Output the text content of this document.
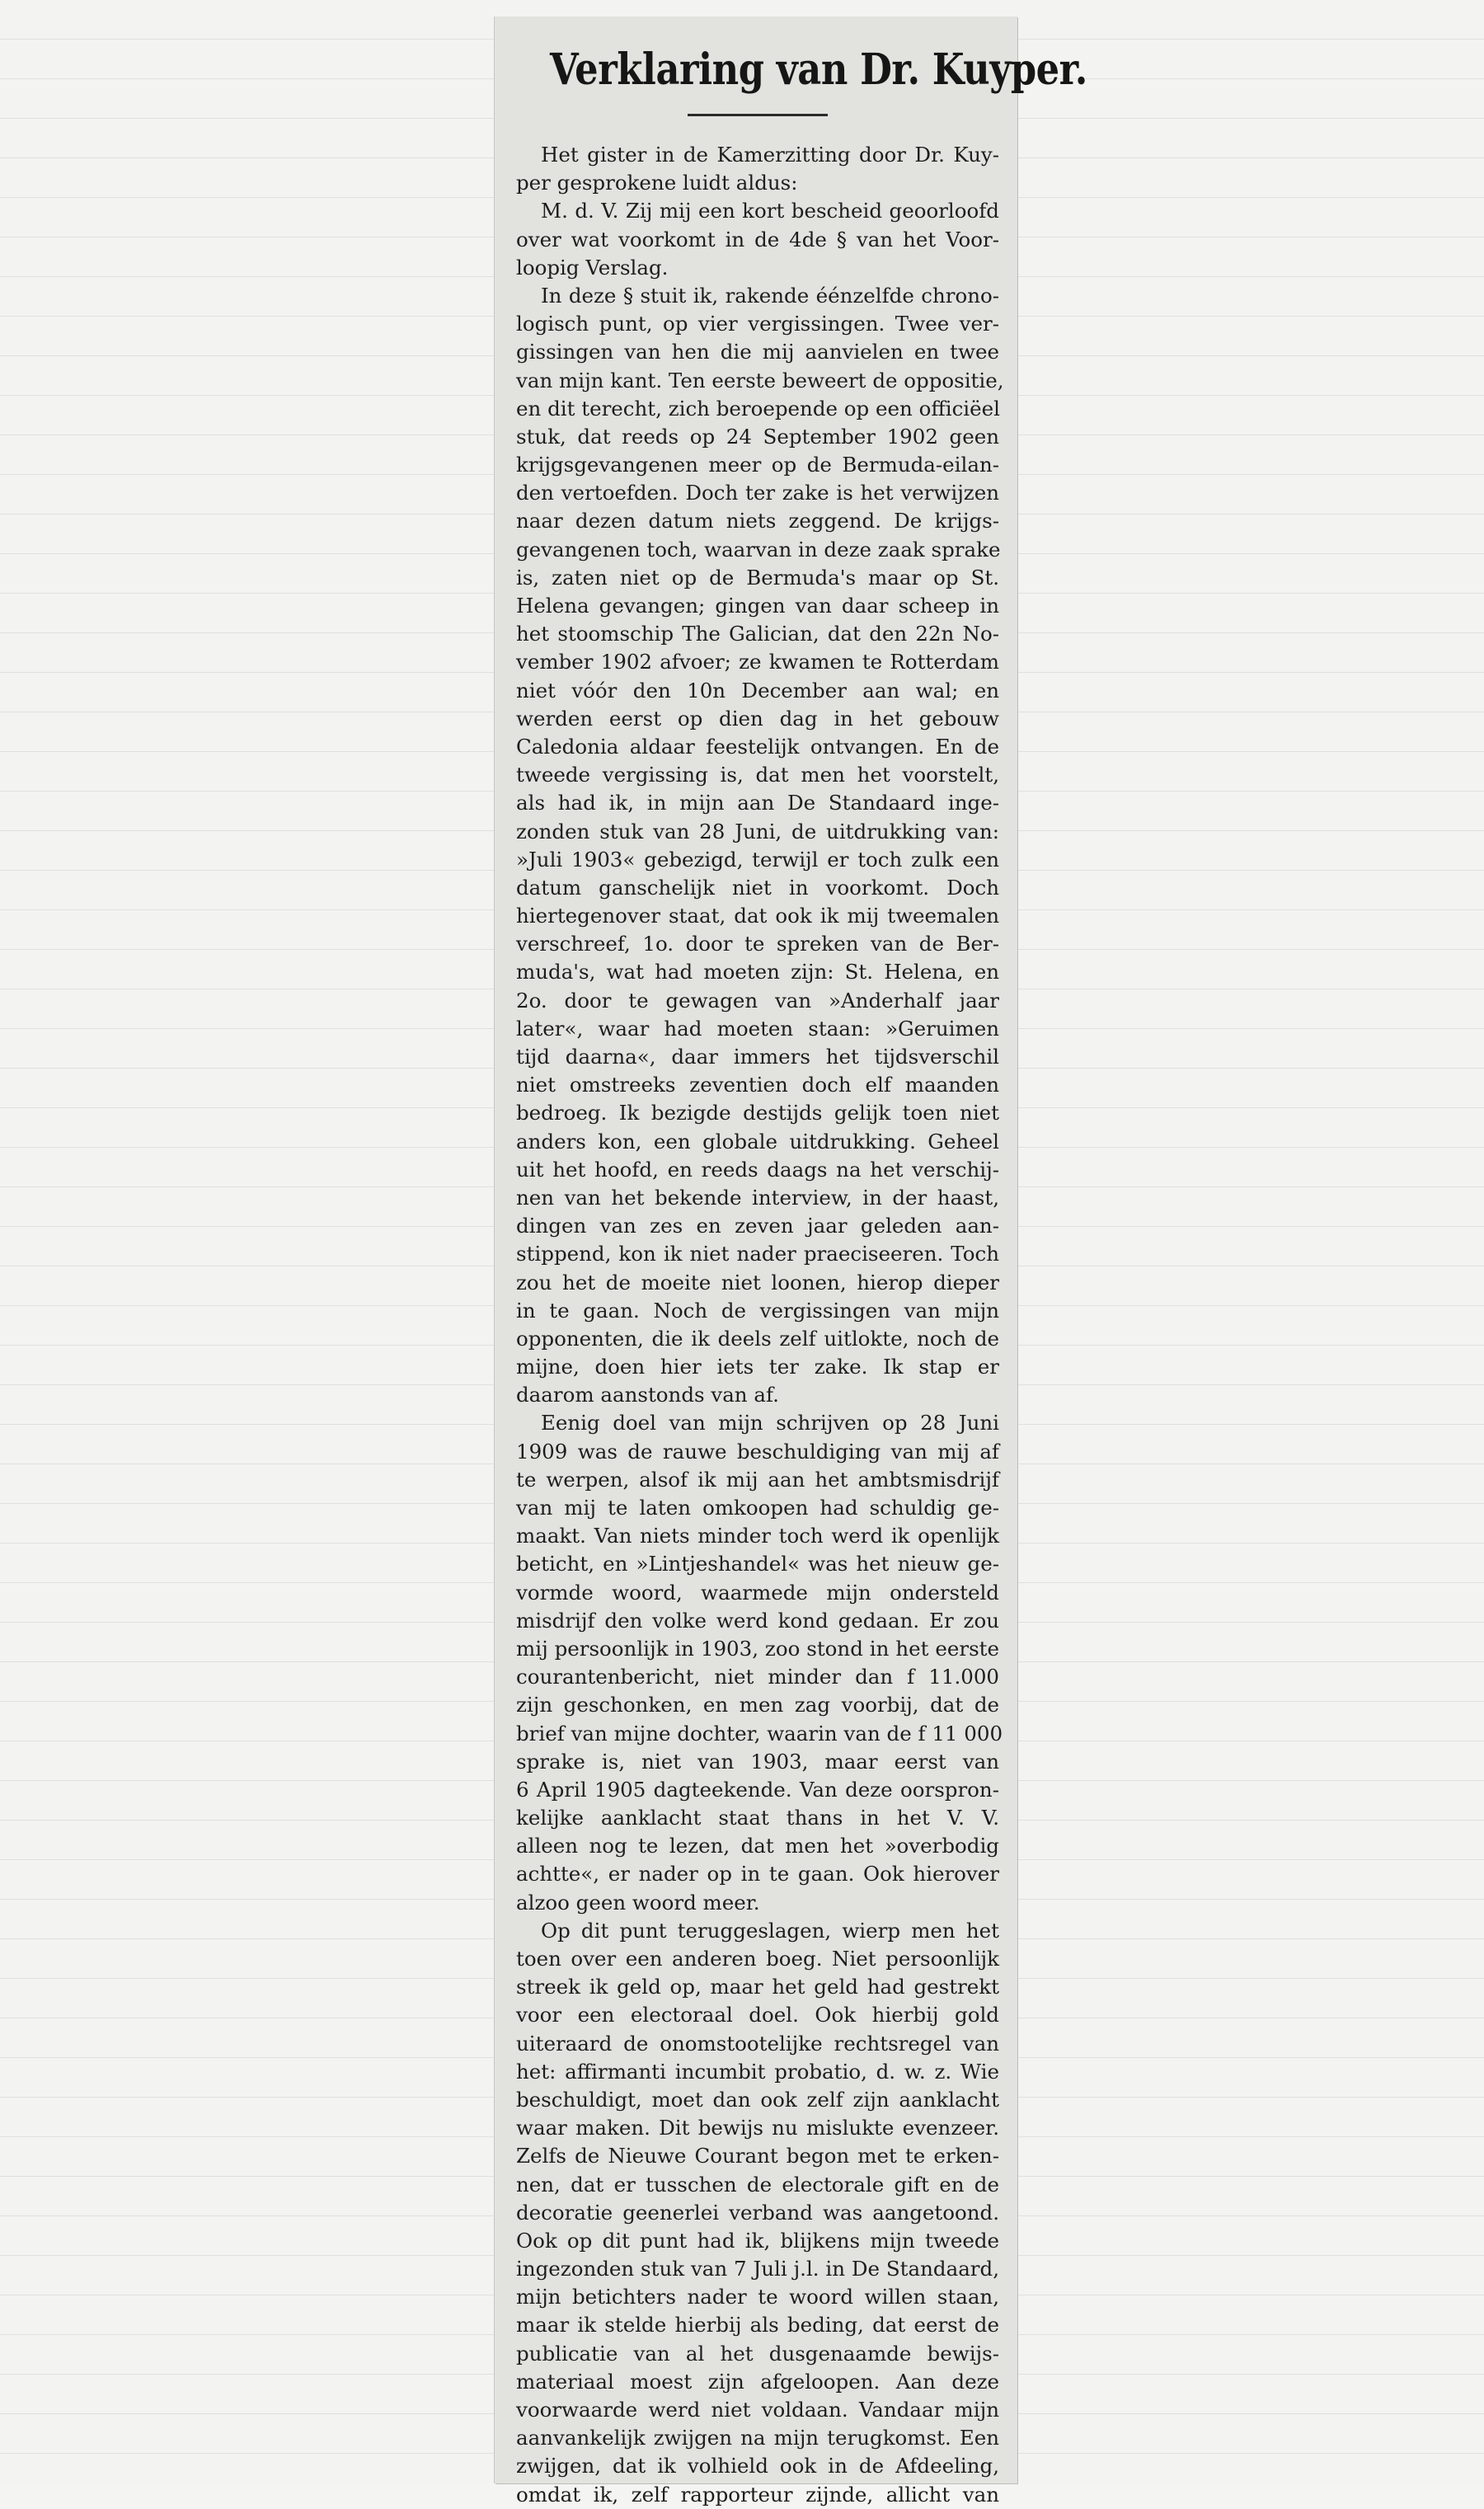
Verklaring van Dr. Kuyper.
Het gister in de Kamerzitting door Dr. Kuy-
per gesprokene luidt aldus:
M. d. V. Zij mij een kort bescheid geoorloofd
over wat voorkomt in de 4de § van het Voor-
loopig Verslag.
In deze § stuit ik, rakende éénzelfde chrono-
logisch punt, op vier vergissingen. Twee ver-
gissingen van hen die mij aanvielen en twee
van mijn kant. Ten eerste beweert de oppositie,
en dit terecht, zich beroepende op een officiëel
stuk, dat reeds op 24 September 1902 geen
krijgsgevangenen meer op de Bermuda-eilan-
den vertoefden. Doch ter zake is het verwijzen
naar dezen datum niets zeggend. De krijgs-
gevangenen toch, waarvan in deze zaak sprake
is, zaten niet op de Bermuda's maar op St.
Helena gevangen; gingen van daar scheep in
het stoomschip The Galician, dat den 22n No-
vember 1902 afvoer; ze kwamen te Rotterdam
niet vóór den 10n December aan wal; en
werden eerst op dien dag in het gebouw
Caledonia aldaar feestelijk ontvangen. En de
tweede vergissing is, dat men het voorstelt,
als had ik, in mijn aan De Standaard inge-
zonden stuk van 28 Juni, de uitdrukking van:
»Juli 1903« gebezigd, terwijl er toch zulk een
datum ganschelijk niet in voorkomt. Doch
hiertegenover staat, dat ook ik mij tweemalen
verschreef, 1o. door te spreken van de Ber-
muda's, wat had moeten zijn: St. Helena, en
2o. door te gewagen van »Anderhalf jaar
later«, waar had moeten staan: »Geruimen
tijd daarna«, daar immers het tijdsverschil
niet omstreeks zeventien doch elf maanden
bedroeg. Ik bezigde destijds gelijk toen niet
anders kon, een globale uitdrukking. Geheel
uit het hoofd, en reeds daags na het verschij-
nen van het bekende interview, in der haast,
dingen van zes en zeven jaar geleden aan-
stippend, kon ik niet nader praeciseeren. Toch
zou het de moeite niet loonen, hierop dieper
in te gaan. Noch de vergissingen van mijn
opponenten, die ik deels zelf uitlokte, noch de
mijne, doen hier iets ter zake. Ik stap er
daarom aanstonds van af.
Eenig doel van mijn schrijven op 28 Juni
1909 was de rauwe beschuldiging van mij af
te werpen, alsof ik mij aan het ambtsmisdrijf
van mij te laten omkoopen had schuldig ge-
maakt. Van niets minder toch werd ik openlijk
beticht, en »Lintjeshandel« was het nieuw ge-
vormde woord, waarmede mijn ondersteld
misdrijf den volke werd kond gedaan. Er zou
mij persoonlijk in 1903, zoo stond in het eerste
courantenbericht, niet minder dan f 11.000
zijn geschonken, en men zag voorbij, dat de
brief van mijne dochter, waarin van de f 11 000
sprake is, niet van 1903, maar eerst van
6 April 1905 dagteekende. Van deze oorspron-
kelijke aanklacht staat thans in het V. V.
alleen nog te lezen, dat men het »overbodig
achtte«, er nader op in te gaan. Ook hierover
alzoo geen woord meer.
Op dit punt teruggeslagen, wierp men het
toen over een anderen boeg. Niet persoonlijk
streek ik geld op, maar het geld had gestrekt
voor een electoraal doel. Ook hierbij gold
uiteraard de onomstootelijke rechtsregel van
het: affirmanti incumbit probatio, d. w. z. Wie
beschuldigt, moet dan ook zelf zijn aanklacht
waar maken. Dit bewijs nu mislukte evenzeer.
Zelfs de Nieuwe Courant begon met te erken-
nen, dat er tusschen de electorale gift en de
decoratie geenerlei verband was aangetoond.
Ook op dit punt had ik, blijkens mijn tweede
ingezonden stuk van 7 Juli j.l. in De Standaard,
mijn betichters nader te woord willen staan,
maar ik stelde hierbij als beding, dat eerst de
publicatie van al het dusgenaamde bewijs-
materiaal moest zijn afgeloopen. Aan deze
voorwaarde werd niet voldaan. Vandaar mijn
aanvankelijk zwijgen na mijn terugkomst. Een
zwijgen, dat ik volhield ook in de Afdeeling,
omdat ik, zelf rapporteur zijnde, allicht van
